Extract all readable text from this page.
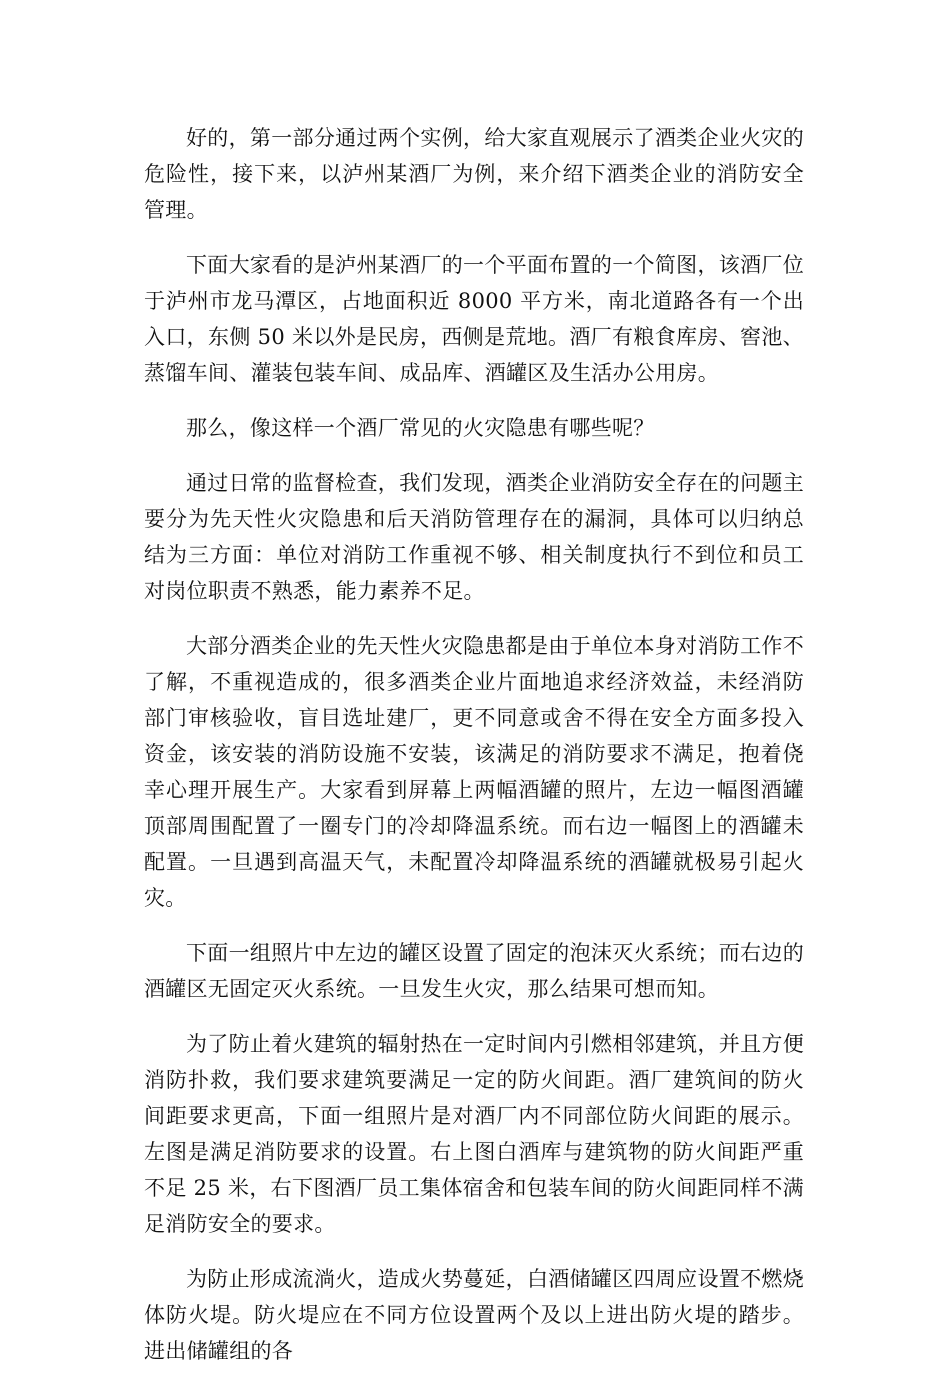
好的，第一部分通过两个实例，给大家直观展示了酒类企业火灾的危险性，接下来，以泸州某酒厂为例，来介绍下酒类企业的消防安全管理。

下面大家看的是泸州某酒厂的一个平面布置的一个简图，该酒厂位于泸州市龙马潭区，占地面积近 8000 平方米，南北道路各有一个出入口，东侧 50 米以外是民房，西侧是荒地。酒厂有粮食库房、窖池、蒸馏车间、灌装包装车间、成品库、酒罐区及生活办公用房。

那么，像这样一个酒厂常见的火灾隐患有哪些呢？

通过日常的监督检查，我们发现，酒类企业消防安全存在的问题主要分为先天性火灾隐患和后天消防管理存在的漏洞，具体可以归纳总结为三方面：单位对消防工作重视不够、相关制度执行不到位和员工对岗位职责不熟悉，能力素养不足。

大部分酒类企业的先天性火灾隐患都是由于单位本身对消防工作不了解，不重视造成的，很多酒类企业片面地追求经济效益，未经消防部门审核验收，盲目选址建厂，更不同意或舍不得在安全方面多投入资金，该安装的消防设施不安装，该满足的消防要求不满足，抱着侥幸心理开展生产。大家看到屏幕上两幅酒罐的照片，左边一幅图酒罐顶部周围配置了一圈专门的冷却降温系统。而右边一幅图上的酒罐未配置。一旦遇到高温天气，未配置冷却降温系统的酒罐就极易引起火灾。

下面一组照片中左边的罐区设置了固定的泡沫灭火系统；而右边的酒罐区无固定灭火系统。一旦发生火灾，那么结果可想而知。

为了防止着火建筑的辐射热在一定时间内引燃相邻建筑，并且方便消防扑救，我们要求建筑要满足一定的防火间距。酒厂建筑间的防火间距要求更高，下面一组照片是对酒厂内不同部位防火间距的展示。左图是满足消防要求的设置。右上图白酒库与建筑物的防火间距严重不足 25 米，右下图酒厂员工集体宿舍和包装车间的防火间距同样不满足消防安全的要求。

为防止形成流淌火，造成火势蔓延，白酒储罐区四周应设置不燃烧体防火堤。防火堤应在不同方位设置两个及以上进出防火堤的踏步。进出储罐组的各
